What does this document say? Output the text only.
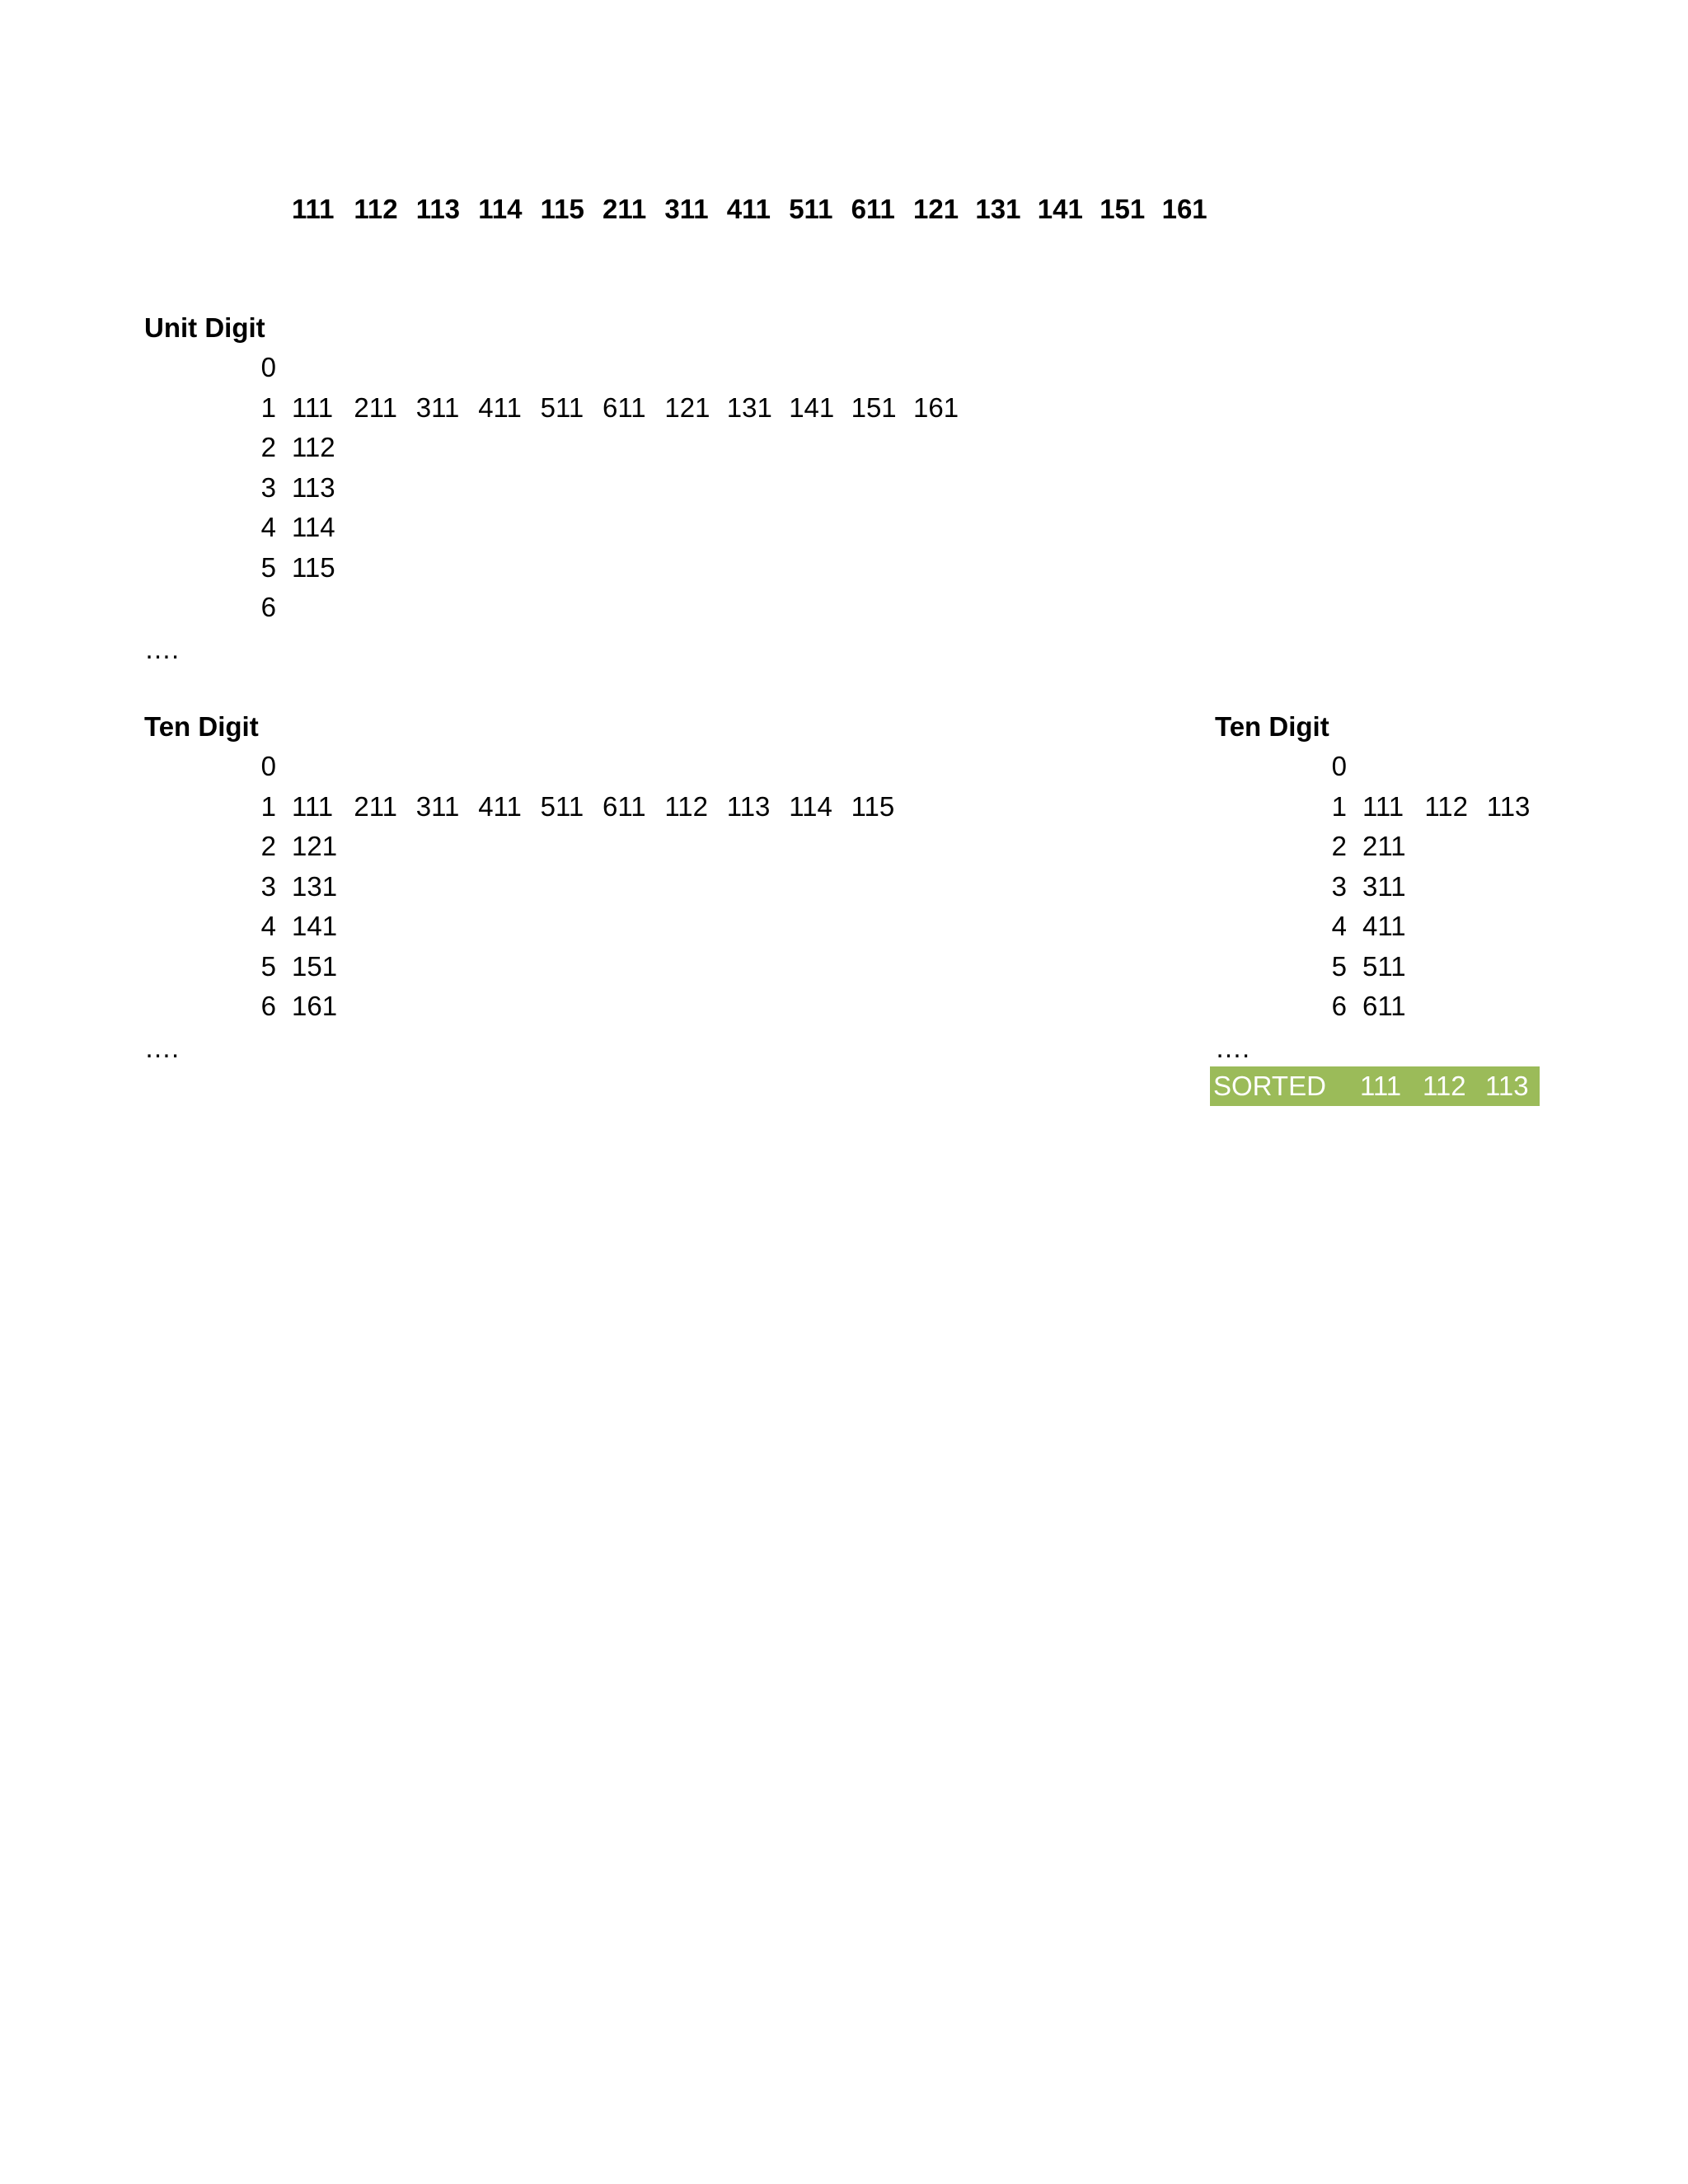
111 112 113 114 115 211 311 411 511 611 121 131 141 151 161
Unit Digit
0
1 111 211 311 411 511 611 121 131 141 151 161
2 112
3 113
4 114
5 115
6
….
Ten Digit
0
1 111 211 311 411 511 611 112 113 114 115
2 121
3 131
4 141
5 151
6 161
….
Ten Digit
0
1 111 112 113
2 211
3 311
4 411
5 511
6 611
….
SORTED 111 112 113
